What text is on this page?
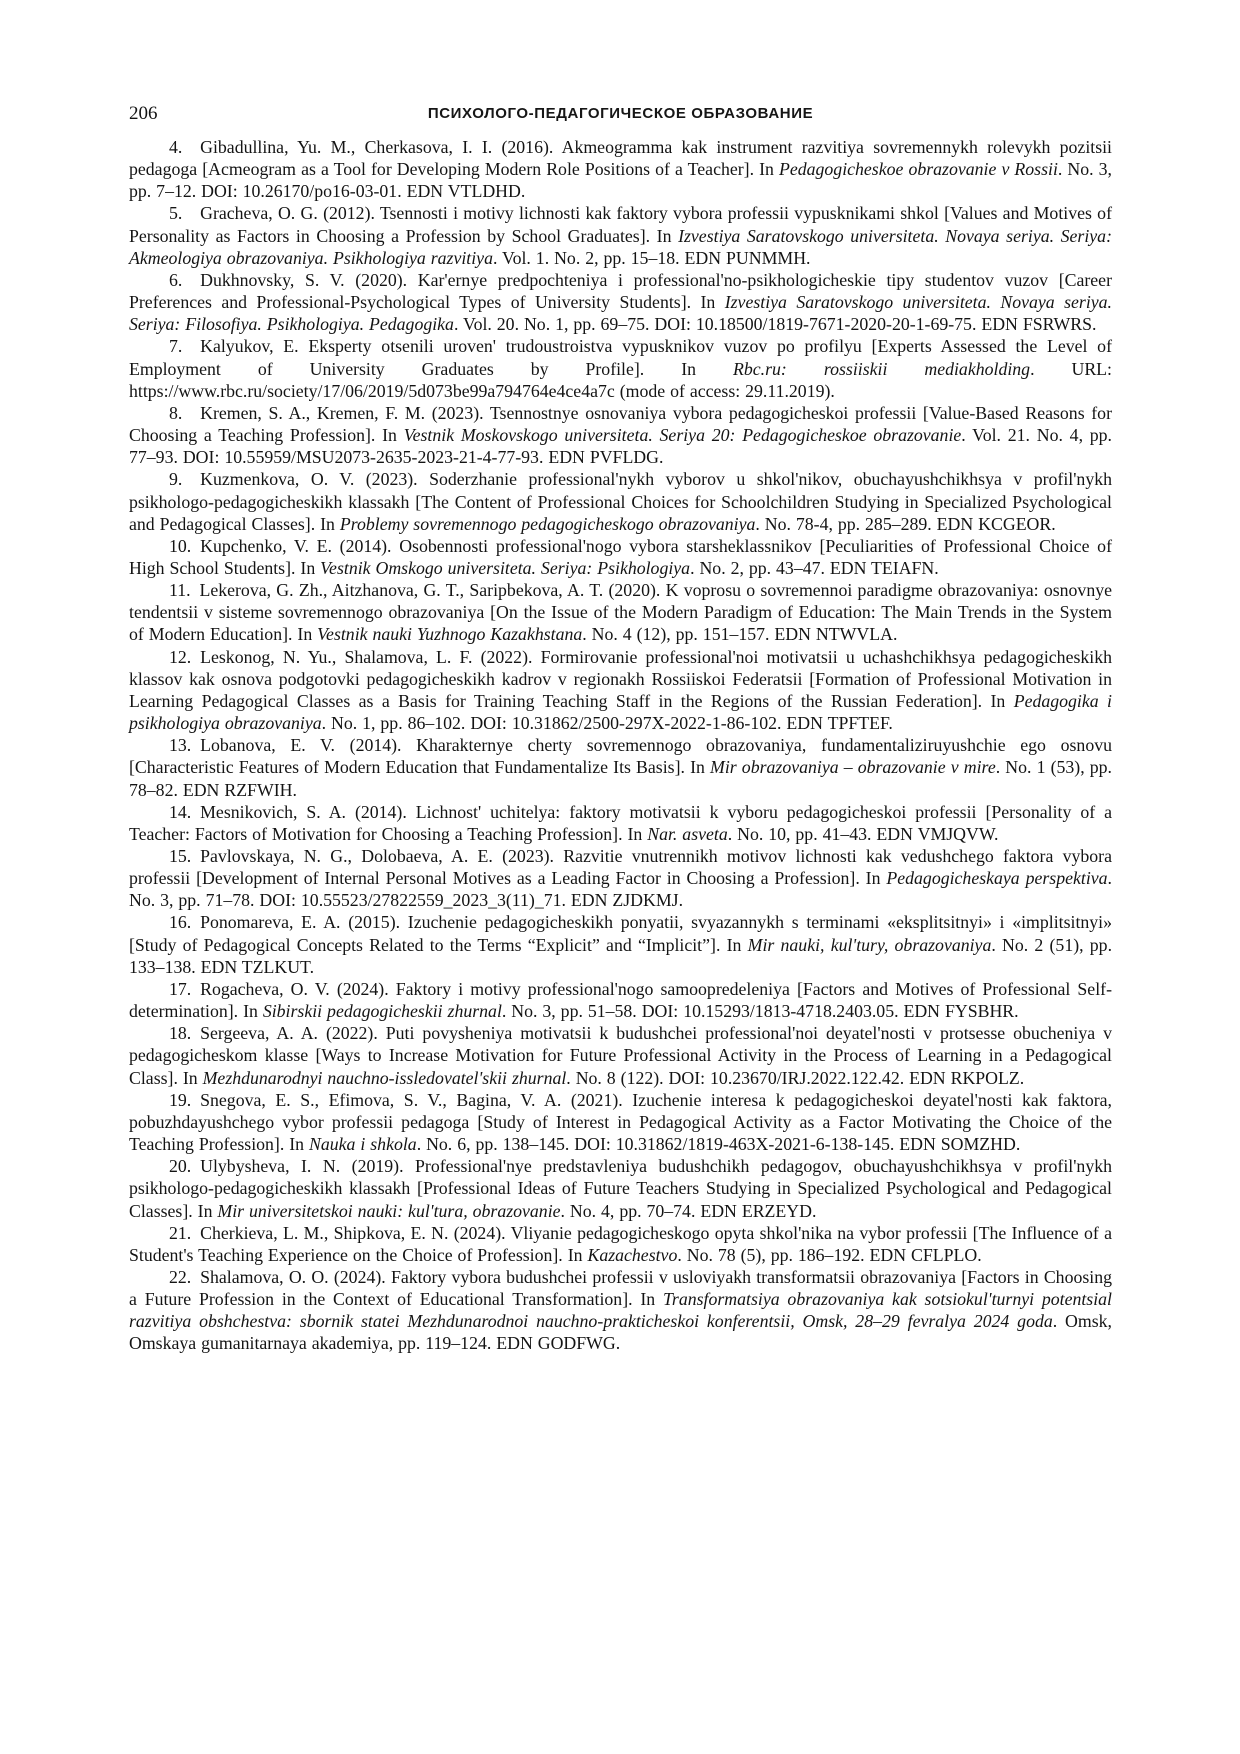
206	ПСИХОЛОГО-ПЕДАГОГИЧЕСКОЕ ОБРАЗОВАНИЕ

4.   Gibadullina, Yu. M., Cherkasova, I. I. (2016). Akmeogramma kak instrument razvitiya sovremennykh rolevykh pozitsii pedagoga [Acmeogram as a Tool for Developing Modern Role Positions of a Teacher]. In Pedagogicheskoe obrazovanie v Rossii. No. 3, pp. 7–12. DOI: 10.26170/po16-03-01. EDN VTLDHD.

5.   Gracheva, O. G. (2012). Tsennosti i motivy lichnosti kak faktory vybora professii vypusknikami shkol [Values and Motives of Personality as Factors in Choosing a Profession by School Graduates]. In Izvestiya Saratovskogo universiteta. Novaya seriya. Seriya: Akmeologiya obrazovaniya. Psikhologiya razvitiya. Vol. 1. No. 2, pp. 15–18. EDN PUNMMH.

6.   Dukhnovsky, S. V. (2020). Kar'ernye predpochteniya i professional'no-psikhologicheskie tipy studentov vuzov [Career Preferences and Professional-Psychological Types of University Students]. In Izvestiya Saratovskogo universiteta. Novaya seriya. Seriya: Filosofiya. Psikhologiya. Pedagogika. Vol. 20. No. 1, pp. 69–75. DOI: 10.18500/1819-7671-2020-20-1-69-75. EDN FSRWRS.

7.   Kalyukov, E. Eksperty otsenili uroven' trudoustroistva vypusknikov vuzov po profilyu [Experts Assessed the Level of Employment of University Graduates by Profile]. In Rbc.ru: rossiiskii mediakholding. URL: https://www.rbc.ru/society/17/06/2019/5d073be99a794764e4ce4a7c (mode of access: 29.11.2019).

8.   Kremen, S. A., Kremen, F. M. (2023). Tsennostnye osnovaniya vybora pedagogicheskoi professii [Value-Based Reasons for Choosing a Teaching Profession]. In Vestnik Moskovskogo universiteta. Seriya 20: Pedagogicheskoe obrazovanie. Vol. 21. No. 4, pp. 77–93. DOI: 10.55959/MSU2073-2635-2023-21-4-77-93. EDN PVFLDG.

9.   Kuzmenkova, O. V. (2023). Soderzhanie professional'nykh vyborov u shkol'nikov, obuchayushchikhsya v profil'nykh psikhologo-pedagogicheskikh klassakh [The Content of Professional Choices for Schoolchildren Studying in Specialized Psychological and Pedagogical Classes]. In Problemy sovremennogo pedagogicheskogo obrazovaniya. No. 78-4, pp. 285–289. EDN KCGEOR.

10.  Kupchenko, V. E. (2014). Osobennosti professional'nogo vybora starsheklassnikov [Peculiarities of Professional Choice of High School Students]. In Vestnik Omskogo universiteta. Seriya: Psikhologiya. No. 2, pp. 43–47. EDN TEIAFN.

11.  Lekerova, G. Zh., Aitzhanova, G. T., Saripbekova, A. T. (2020). K voprosu o sovremennoi paradigme obrazovaniya: osnovnye tendentsii v sisteme sovremennogo obrazovaniya [On the Issue of the Modern Paradigm of Education: The Main Trends in the System of Modern Education]. In Vestnik nauki Yuzhnogo Kazakhstana. No. 4 (12), pp. 151–157. EDN NTWVLA.

12.  Leskonog, N. Yu., Shalamova, L. F. (2022). Formirovanie professional'noi motivatsii u uchashchikhsya pedagogicheskikh klassov kak osnova podgotovki pedagogicheskikh kadrov v regionakh Rossiiskoi Federatsii [Formation of Professional Motivation in Learning Pedagogical Classes as a Basis for Training Teaching Staff in the Regions of the Russian Federation]. In Pedagogika i psikhologiya obrazovaniya. No. 1, pp. 86–102. DOI: 10.31862/2500-297X-2022-1-86-102. EDN TPFTEF.

13.  Lobanova, E. V. (2014). Kharakternye cherty sovremennogo obrazovaniya, fundamentaliziruyushchie ego osnovu [Characteristic Features of Modern Education that Fundamentalize Its Basis]. In Mir obrazovaniya – obrazovanie v mire. No. 1 (53), pp. 78–82. EDN RZFWIH.

14.  Mesnikovich, S. A. (2014). Lichnost' uchitelya: faktory motivatsii k vyboru pedagogicheskoi professii [Personality of a Teacher: Factors of Motivation for Choosing a Teaching Profession]. In Nar. asveta. No. 10, pp. 41–43. EDN VMJQVW.

15.  Pavlovskaya, N. G., Dolobaeva, A. E. (2023). Razvitie vnutrennikh motivov lichnosti kak vedushchego faktora vybora professii [Development of Internal Personal Motives as a Leading Factor in Choosing a Profession]. In Pedagogicheskaya perspektiva. No. 3, pp. 71–78. DOI: 10.55523/27822559_2023_3(11)_71. EDN ZJDKMJ.

16.  Ponomareva, E. A. (2015). Izuchenie pedagogicheskikh ponyatii, svyazannykh s terminami «eksplitsitnyi» i «implitsitnyi» [Study of Pedagogical Concepts Related to the Terms “Explicit” and “Implicit”]. In Mir nauki, kul'tury, obrazovaniya. No. 2 (51), pp. 133–138. EDN TZLKUT.

17.  Rogacheva, O. V. (2024). Faktory i motivy professional'nogo samoopredeleniya [Factors and Motives of Professional Self-determination]. In Sibirskii pedagogicheskii zhurnal. No. 3, pp. 51–58. DOI: 10.15293/1813-4718.2403.05. EDN FYSBHR.

18.  Sergeeva, A. A. (2022). Puti povysheniya motivatsii k budushchei professional'noi deyatel'nosti v protsesse obucheniya v pedagogicheskom klasse [Ways to Increase Motivation for Future Professional Activity in the Process of Learning in a Pedagogical Class]. In Mezhdunarodnyi nauchno-issledovatel'skii zhurnal. No. 8 (122). DOI: 10.23670/IRJ.2022.122.42. EDN RKPOLZ.

19.  Snegova, E. S., Efimova, S. V., Bagina, V. A. (2021). Izuchenie interesa k pedagogicheskoi deyatel'nosti kak faktora, pobuzhdayushchego vybor professii pedagoga [Study of Interest in Pedagogical Activity as a Factor Motivating the Choice of the Teaching Profession]. In Nauka i shkola. No. 6, pp. 138–145. DOI: 10.31862/1819-463X-2021-6-138-145. EDN SOMZHD.

20.  Ulybysheva, I. N. (2019). Professional'nye predstavleniya budushchikh pedagogov, obuchayushchikhsya v profil'nykh psikhologo-pedagogicheskikh klassakh [Professional Ideas of Future Teachers Studying in Specialized Psychological and Pedagogical Classes]. In Mir universitetskoi nauki: kul'tura, obrazovanie. No. 4, pp. 70–74. EDN ERZEYD.

21.  Cherkieva, L. M., Shipkova, E. N. (2024). Vliyanie pedagogicheskogo opyta shkol'nika na vybor professii [The Influence of a Student's Teaching Experience on the Choice of Profession]. In Kazachestvo. No. 78 (5), pp. 186–192. EDN CFLPLO.

22.  Shalamova, O. O. (2024). Faktory vybora budushchei professii v usloviyakh transformatsii obrazovaniya [Factors in Choosing a Future Profession in the Context of Educational Transformation]. In Transformatsiya obrazovaniya kak sotsiokul'turnyi potentsial razvitiya obshchestva: sbornik statei Mezhdunarodnoi nauchno-prakticheskoi konferentsii, Omsk, 28–29 fevralya 2024 goda. Omsk, Omskaya gumanitarnaya akademiya, pp. 119–124. EDN GODFWG.
